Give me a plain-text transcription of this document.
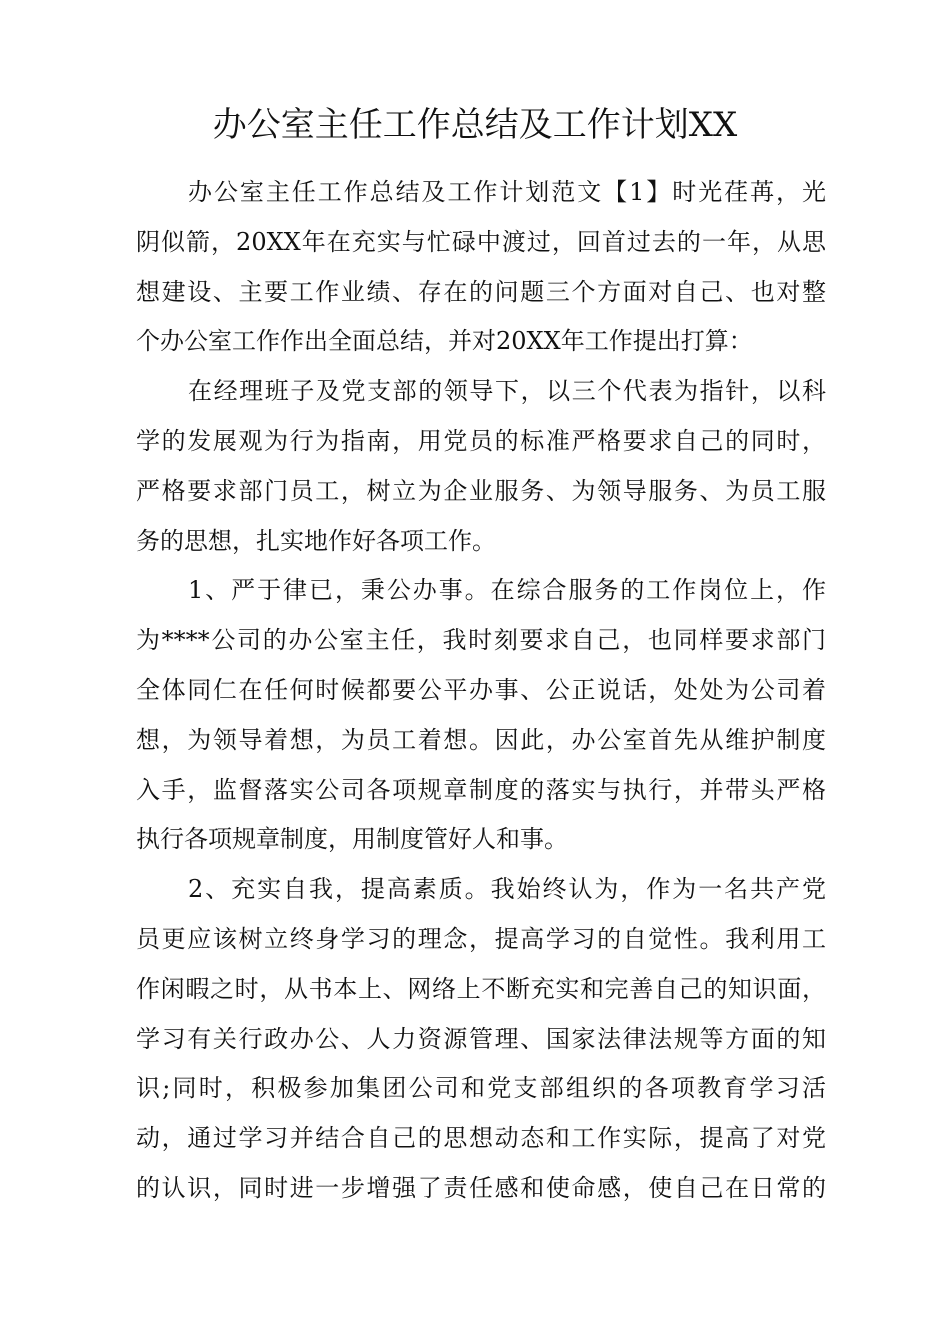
办公室主任工作总结及工作计划XX
办公室主任工作总结及工作计划范文【1】时光荏苒，光
阴似箭，20XX年在充实与忙碌中渡过，回首过去的一年，从思
想建设、主要工作业绩、存在的问题三个方面对自己、也对整
个办公室工作作出全面总结，并对20XX年工作提出打算：
在经理班子及党支部的领导下，以三个代表为指针，以科
学的发展观为行为指南，用党员的标准严格要求自己的同时，
严格要求部门员工，树立为企业服务、为领导服务、为员工服
务的思想，扎实地作好各项工作。
1、严于律已，秉公办事。在综合服务的工作岗位上，作
为****公司的办公室主任，我时刻要求自己，也同样要求部门
全体同仁在任何时候都要公平办事、公正说话，处处为公司着
想，为领导着想，为员工着想。因此，办公室首先从维护制度
入手，监督落实公司各项规章制度的落实与执行，并带头严格
执行各项规章制度，用制度管好人和事。
2、充实自我，提高素质。我始终认为，作为一名共产党
员更应该树立终身学习的理念，提高学习的自觉性。我利用工
作闲暇之时，从书本上、网络上不断充实和完善自己的知识面，
学习有关行政办公、人力资源管理、国家法律法规等方面的知
识;同时，积极参加集团公司和党支部组织的各项教育学习活
动，通过学习并结合自己的思想动态和工作实际，提高了对党
的认识，同时进一步增强了责任感和使命感，使自己在日常的
